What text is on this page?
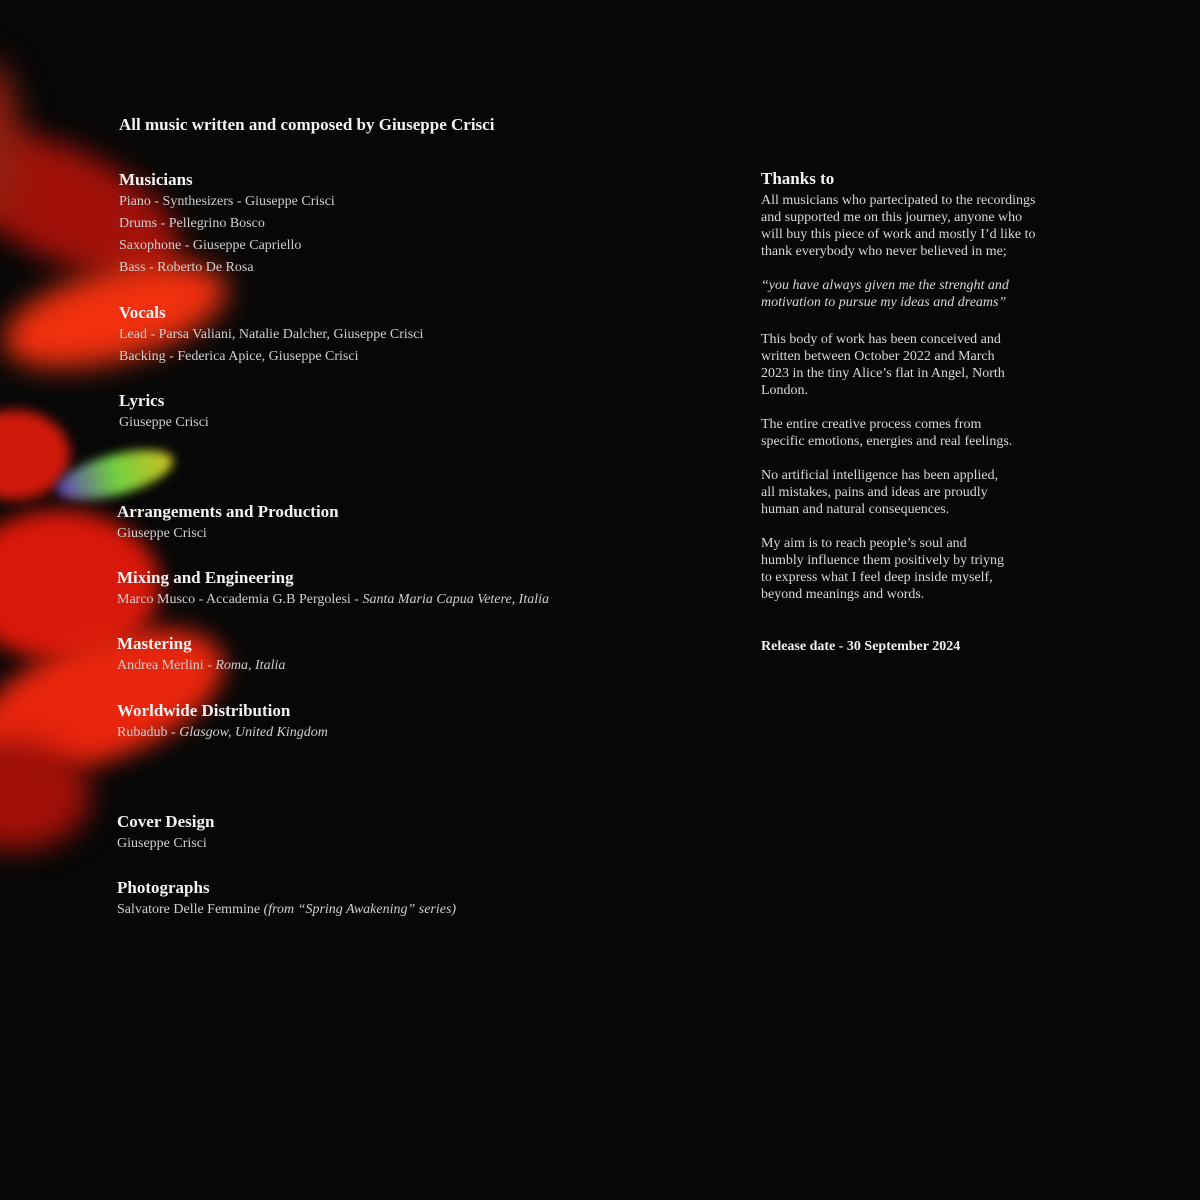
All music written and composed by Giuseppe Crisci
Musicians
Piano - Synthesizers - Giuseppe Crisci
Drums - Pellegrino Bosco
Saxophone - Giuseppe Capriello
Bass - Roberto De Rosa
Vocals
Lead - Parsa Valiani, Natalie Dalcher, Giuseppe Crisci
Backing - Federica Apice, Giuseppe Crisci
Lyrics
Giuseppe Crisci
Arrangements and Production
Giuseppe Crisci
Mixing and Engineering
Marco Musco - Accademia G.B Pergolesi - Santa Maria Capua Vetere, Italia
Mastering
Andrea Merlini - Roma, Italia
Worldwide Distribution
Rubadub - Glasgow, United Kingdom
Cover Design
Giuseppe Crisci
Photographs
Salvatore Delle Femmine (from “Spring Awakening” series)
Thanks to
All musicians who partecipated to the recordings
and supported me on this journey, anyone who
will buy this piece of work and mostly I’d like to
thank everybody who never believed in me;
“you have always given me the strenght and
motivation to pursue my ideas and dreams”
This body of work has been conceived and
written between October 2022 and March
2023 in the tiny Alice’s flat in Angel, North
London.
The entire creative process comes from
specific emotions, energies and real feelings.
No artificial intelligence has been applied,
all mistakes, pains and ideas are proudly
human and natural consequences.
My aim is to reach people’s soul and
humbly influence them positively by triyng
to express what I feel deep inside myself,
beyond meanings and words.
Release date - 30 September 2024
